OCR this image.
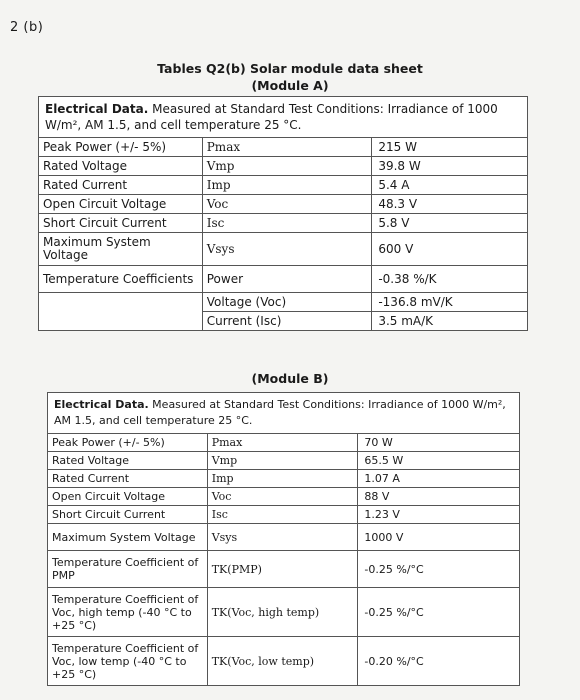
2 (b)
Tables Q2(b) Solar module data sheet
(Module A)
Electrical Data. Measured at Standard Test Conditions: Irradiance of 1000 W/m², AM 1.5, and cell temperature 25 °C.		
Peak Power (+/- 5%)	Pmax	215 W
Rated Voltage	Vmp	39.8 W
Rated Current	Imp	5.4 A
Open Circuit Voltage	Voc	48.3 V
Short Circuit Current	Isc	5.8 V
Maximum System Voltage	Vsys	600 V
Temperature Coefficients	Power	-0.38 %/K
	Voltage (Voc)	-136.8 mV/K
	Current (Isc)	3.5 mA/K
(Module B)
Electrical Data. Measured at Standard Test Conditions: Irradiance of 1000 W/m², AM 1.5, and cell temperature 25 °C.		
Peak Power (+/- 5%)	Pmax	70 W
Rated Voltage	Vmp	65.5 W
Rated Current	Imp	1.07 A
Open Circuit Voltage	Voc	88 V
Short Circuit Current	Isc	1.23 V
Maximum System Voltage	Vsys	1000 V
Temperature Coefficient of PMP	TK(PMP)	-0.25 %/°C
Temperature Coefficient of Voc, high temp (-40 °C to +25 °C)	TK(Voc, high temp)	-0.25 %/°C
Temperature Coefficient of Voc, low temp (-40 °C to +25 °C)	TK(Voc, low temp)	-0.20 %/°C
